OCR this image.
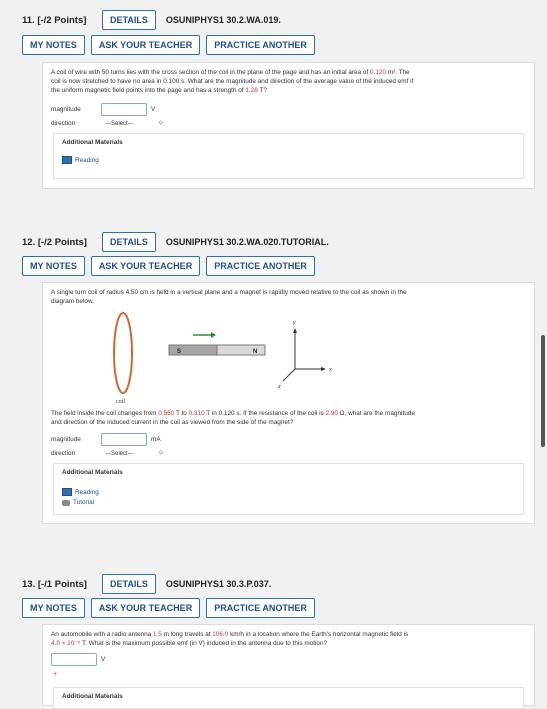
11. [-/2 Points]	DETAILS	OSUNIPHYS1 30.2.WA.019.
MY NOTES	ASK YOUR TEACHER	PRACTICE ANOTHER
A coil of wire with 50 turns lies with the cross section of the coil in the plane of the page and has an initial area of 0.120 m². The
coil is now stretched to have no area in 0.100 s. What are the magnitude and direction of the average value of the induced emf if
the uniform magnetic field points into the page and has a strength of 1.28 T?
magnitude	V
direction	---Select---	⬦
Additional Materials
Reading
12. [-/2 Points]	DETAILS	OSUNIPHYS1 30.2.WA.020.TUTORIAL.
MY NOTES	ASK YOUR TEACHER	PRACTICE ANOTHER
A single turn coil of radius 4.50 cm is held in a vertical plane and a magnet is rapidly moved relative to the coil as shown in the
diagram below.
coil
S	N
y
x
z
The field inside the coil changes from 0.560 T to 0.310 T in 0.120 s. If the resistance of the coil is 2.90 Ω, what are the magnitude
and direction of the induced current in the coil as viewed from the side of the magnet?
magnitude	mA
direction	---Select---	⬦
Additional Materials
Reading
Tutorial
13. [-/1 Points]	DETAILS	OSUNIPHYS1 30.3.P.037.
MY NOTES	ASK YOUR TEACHER	PRACTICE ANOTHER
An automobile with a radio antenna 1.5 m long travels at 106.0 km/h in a location where the Earth's horizontal magnetic field is
4.0 × 10⁻⁵ T. What is the maximum possible emf (in V) induced in the antenna due to this motion?
V
+
Additional Materials
